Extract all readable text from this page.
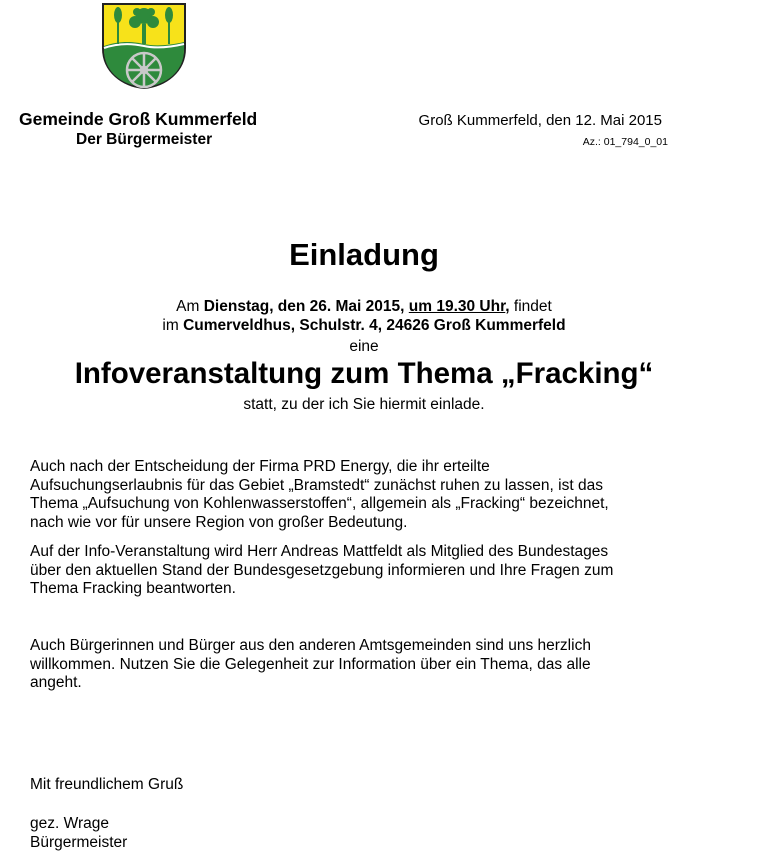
Gemeinde Groß Kummerfeld
Der Bürgermeister
Groß Kummerfeld, den 12. Mai 2015
Az.: 01_794_0_01
Einladung
Am Dienstag, den 26. Mai 2015, um 19.30 Uhr, findet
im Cumerveldhus, Schulstr. 4, 24626 Groß Kummerfeld
eine
Infoveranstaltung zum Thema „Fracking“
statt, zu der ich Sie hiermit einlade.
Auch nach der Entscheidung der Firma PRD Energy, die ihr erteilte
Aufsuchungserlaubnis für das Gebiet „Bramstedt“ zunächst ruhen zu lassen, ist das
Thema „Aufsuchung von Kohlenwasserstoffen“, allgemein als „Fracking“ bezeichnet,
nach wie vor für unsere Region von großer Bedeutung.
Auf der Info-Veranstaltung wird Herr Andreas Mattfeldt als Mitglied des Bundestages
über den aktuellen Stand der Bundesgesetzgebung informieren und Ihre Fragen zum
Thema Fracking beantworten.
Auch Bürgerinnen und Bürger aus den anderen Amtsgemeinden sind uns herzlich
willkommen. Nutzen Sie die Gelegenheit zur Information über ein Thema, das alle
angeht.
Mit freundlichem Gruß
gez. Wrage
Bürgermeister
